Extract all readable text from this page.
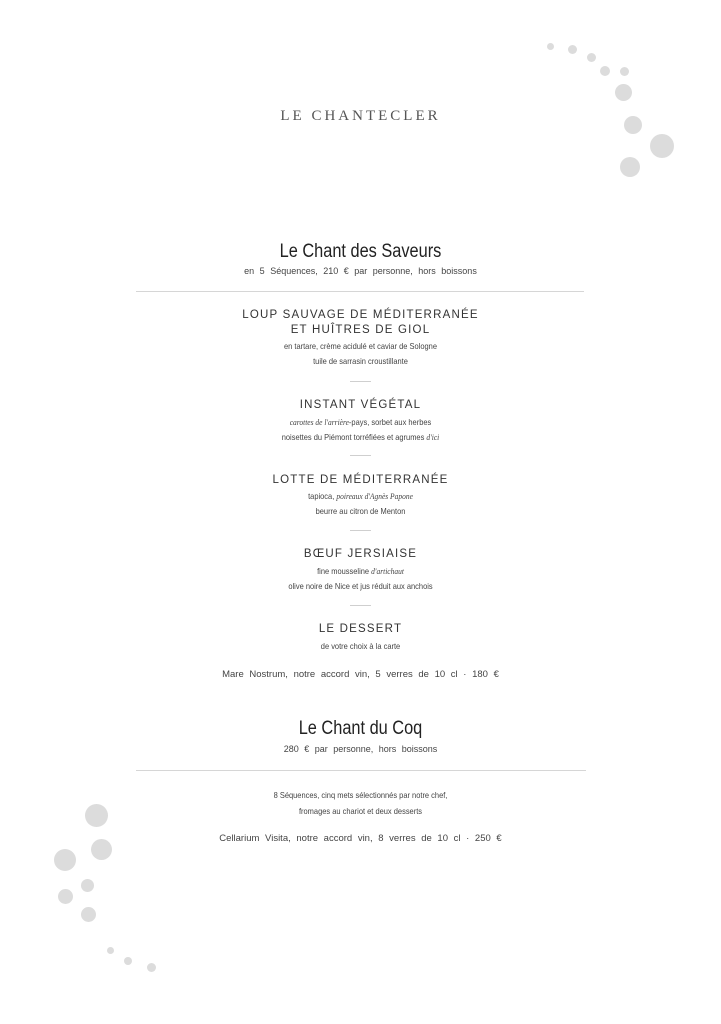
LE CHANTECLER
Le Chant des Saveurs
en 5 Séquences, 210 € par personne, hors boissons
LOUP SAUVAGE DE MÉDITERRANÉE
ET HUÎTRES DE GIOL
en tartare, crème acidulé et caviar de Sologne
tuile de sarrasin croustillante
INSTANT VÉGÉTAL
carottes de l'arrière-pays, sorbet aux herbes
noisettes du Piémont torréfiées et agrumes d'ici
LOTTE DE MÉDITERRANÉE
tapioca, poireaux d'Agnès Papone
beurre au citron de Menton
BŒUF JERSIAISE
fine mousseline d'artichaut
olive noire de Nice et jus réduit aux anchois
LE DESSERT
de votre choix à la carte
Mare Nostrum, notre accord vin, 5 verres de 10 cl · 180 €
Le Chant du Coq
280 € par personne, hors boissons
8 Séquences, cinq mets sélectionnés par notre chef,
fromages au chariot et deux desserts
Cellarium Visita, notre accord vin, 8 verres de 10 cl · 250 €
